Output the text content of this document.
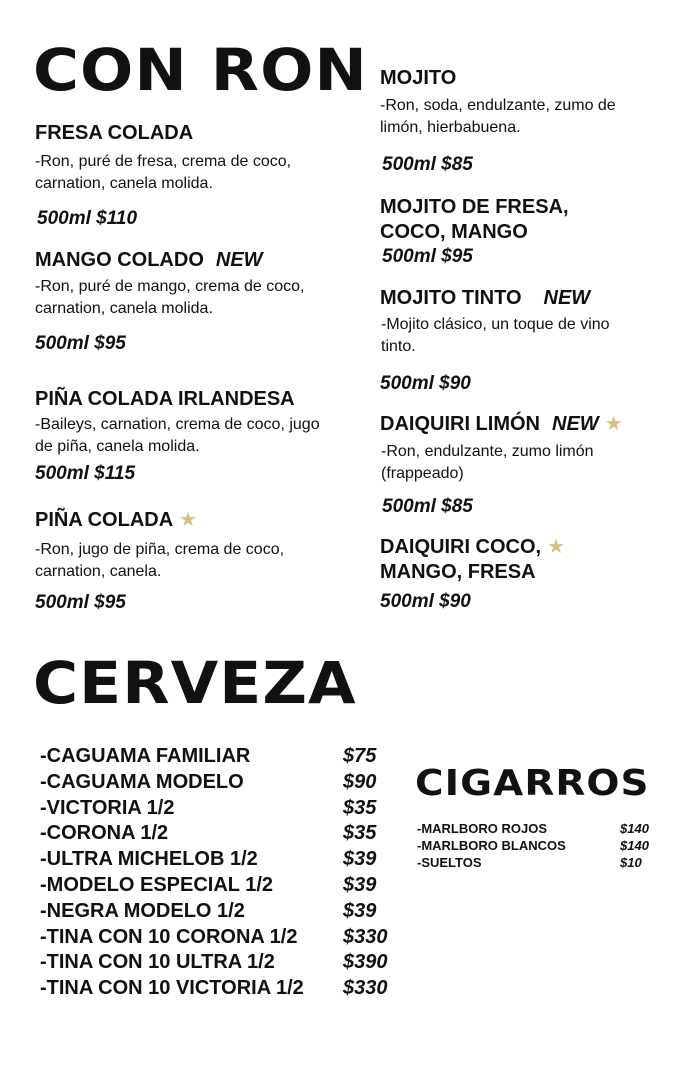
CON RON
CERVEZA
CIGARROS
FRESA COLADA
-Ron, puré de fresa, crema de coco, carnation, canela molida.
500ml $110
MANGO COLADO NEW
-Ron, puré de mango, crema de coco, carnation, canela molida.
500ml $95
PIÑA COLADA IRLANDESA
-Baileys, carnation, crema de coco, jugo de piña, canela molida.
500ml $115
PIÑA COLADA ★
-Ron, jugo de piña, crema de coco, carnation, canela.
500ml $95
MOJITO
-Ron, soda, endulzante, zumo de limón, hierbabuena.
500ml $85
MOJITO DE FRESA, COCO, MANGO
500ml $95
MOJITO TINTO NEW
-Mojito clásico, un toque de vino tinto.
500ml $90
DAIQUIRI LIMÓN NEW ★
-Ron, endulzante, zumo limón (frappeado)
500ml $85
DAIQUIRI COCO, ★
MANGO, FRESA
500ml $90
-CAGUAMA FAMILIAR	$75
-CAGUAMA MODELO	$90
-VICTORIA 1/2	$35
-CORONA 1/2	$35
-ULTRA MICHELOB 1/2	$39
-MODELO ESPECIAL 1/2	$39
-NEGRA MODELO 1/2	$39
-TINA CON 10 CORONA 1/2 $330
-TINA CON 10 ULTRA 1/2	$390
-TINA CON 10 VICTORIA 1/2 $330
-MARLBORO ROJOS	$140
-MARLBORO BLANCOS	$140
-SUELTOS	$10
